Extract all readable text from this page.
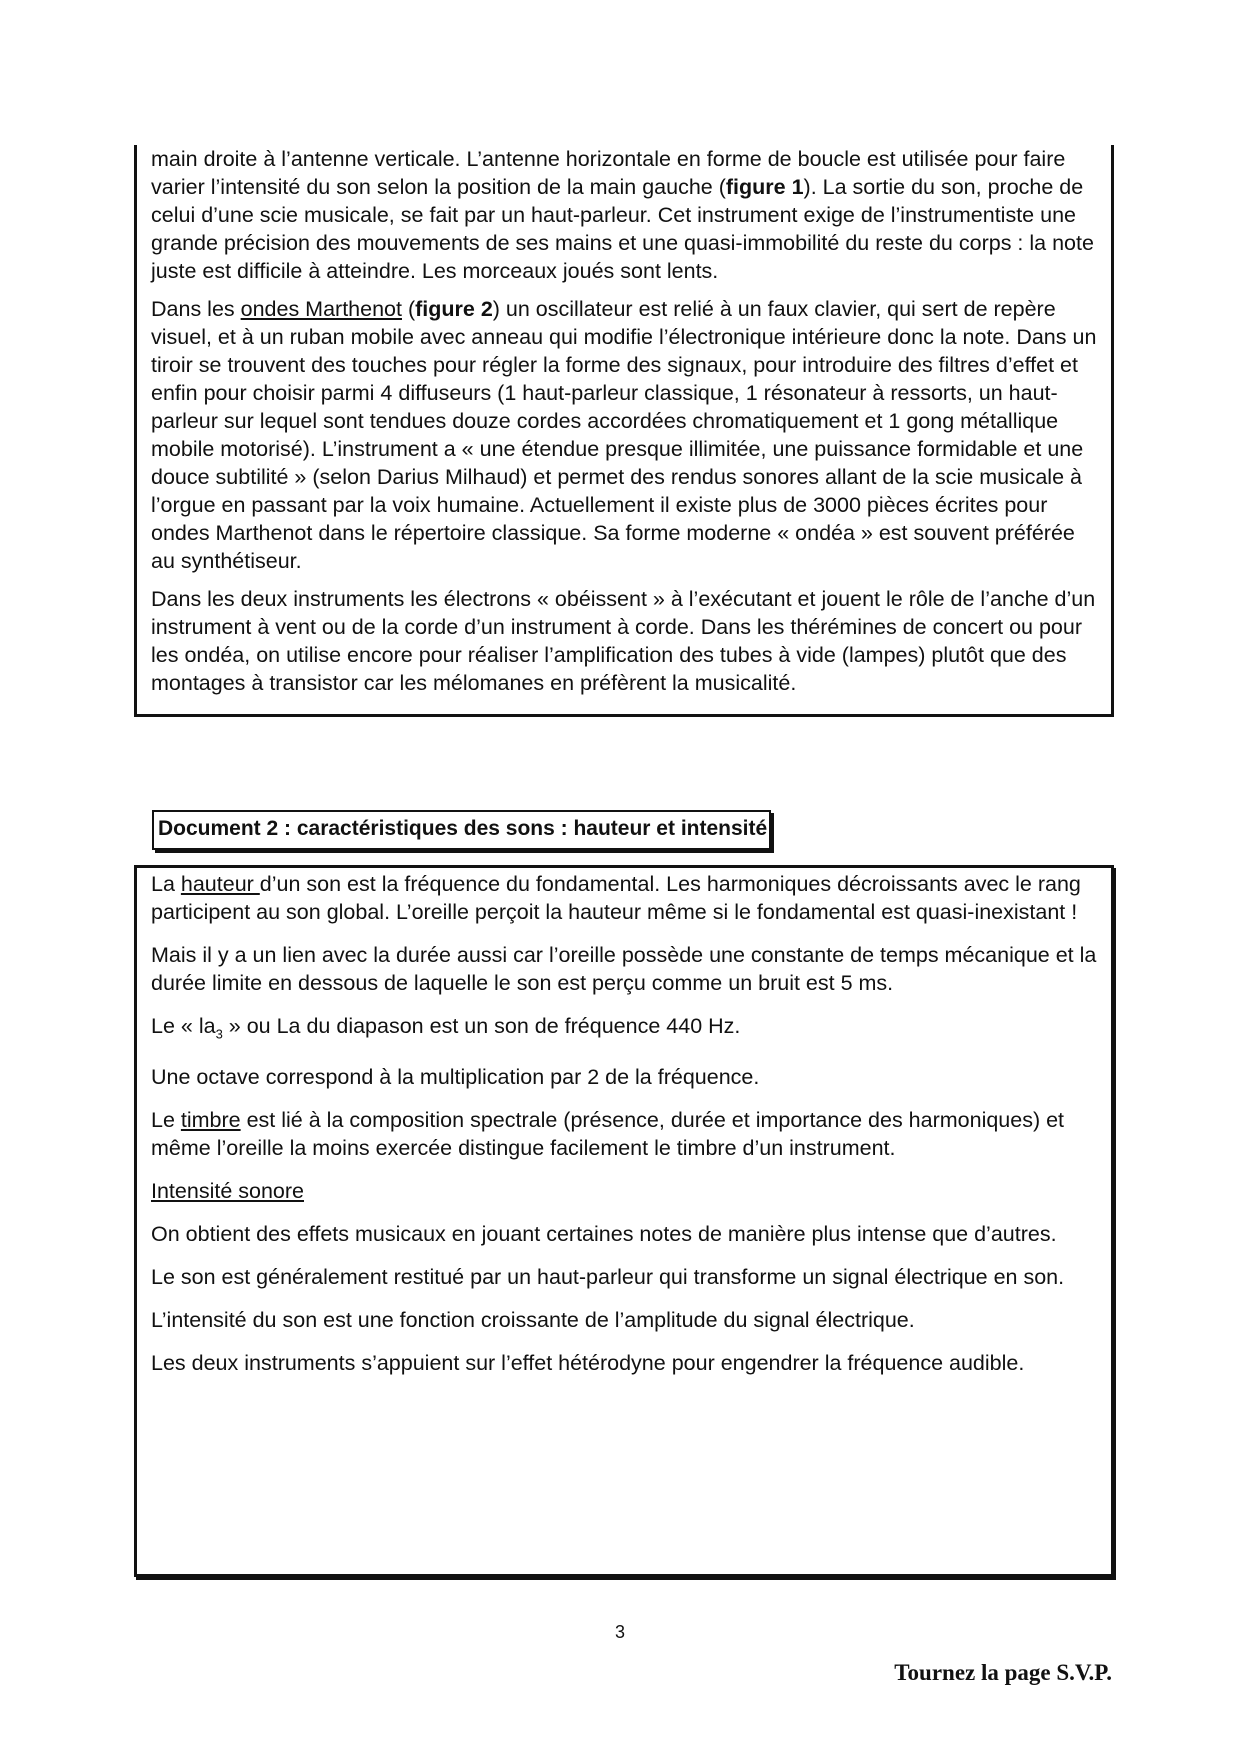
main droite à l’antenne verticale. L’antenne horizontale en forme de boucle est utilisée pour faire varier l’intensité du son selon la position de la main gauche (figure 1). La sortie du son, proche de celui d’une scie musicale, se fait par un haut-parleur. Cet instrument exige de l’instrumentiste une grande précision des mouvements de ses mains et une quasi-immobilité du reste du corps : la note juste est difficile à atteindre. Les morceaux joués sont lents.

Dans les ondes Marthenot (figure 2) un oscillateur est relié à un faux clavier, qui sert de repère visuel, et à un ruban mobile avec anneau qui modifie l’électronique intérieure donc la note. Dans un tiroir se trouvent des touches pour régler la forme des signaux, pour introduire des filtres d’effet et enfin pour choisir parmi 4 diffuseurs (1 haut-parleur classique, 1 résonateur à ressorts, un haut-parleur sur lequel sont tendues douze cordes accordées chromatiquement et 1 gong métallique mobile motorisé). L’instrument a « une étendue presque illimitée, une puissance formidable et une douce subtilité » (selon Darius Milhaud) et permet des rendus sonores allant de la scie musicale à l’orgue en passant par la voix humaine. Actuellement il existe plus de 3000 pièces écrites pour ondes Marthenot dans le répertoire classique. Sa forme moderne « ondéa » est souvent préférée au synthétiseur.

Dans les deux instruments les électrons « obéissent » à l’exécutant et jouent le rôle de l’anche d’un instrument à vent ou de la corde d’un instrument à corde. Dans les thérémines de concert ou pour les ondéa, on utilise encore pour réaliser l’amplification des tubes à vide (lampes) plutôt que des montages à transistor car les mélomanes en préfèrent la musicalité.

Document 2 : caractéristiques des sons : hauteur et intensité

La hauteur d’un son est la fréquence du fondamental. Les harmoniques décroissants avec le rang participent au son global. L’oreille perçoit la hauteur même si le fondamental est quasi-inexistant !

Mais il y a un lien avec la durée aussi car l’oreille possède une constante de temps mécanique et la durée limite en dessous de laquelle le son est perçu comme un bruit est 5 ms.

Le « $la_3$ » ou La du diapason est un son de fréquence 440 Hz.

Une octave correspond à la multiplication par 2 de la fréquence.

Le timbre est lié à la composition spectrale (présence, durée et importance des harmoniques) et même l’oreille la moins exercée distingue facilement le timbre d’un instrument.

Intensité sonore

On obtient des effets musicaux en jouant certaines notes de manière plus intense que d’autres.

Le son est généralement restitué par un haut-parleur qui transforme un signal électrique en son.

L’intensité du son est une fonction croissante de l’amplitude du signal électrique.

Les deux instruments s’appuient sur l’effet hétérodyne pour engendrer la fréquence audible.

3
Tournez la page S.V.P.
